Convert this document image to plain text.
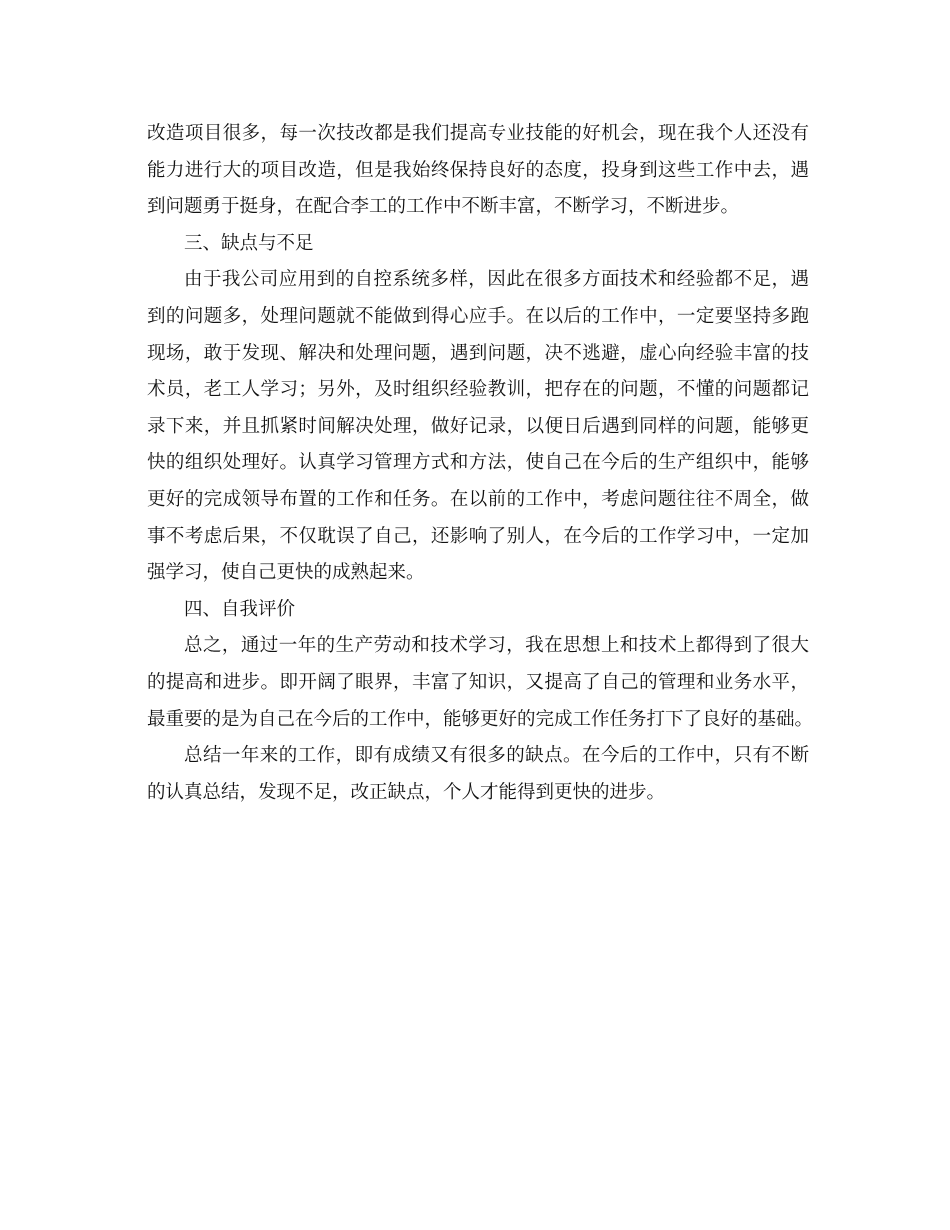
改造项目很多，每一次技改都是我们提高专业技能的好机会，现在我个人还没有
能力进行大的项目改造，但是我始终保持良好的态度，投身到这些工作中去，遇
到问题勇于挺身，在配合李工的工作中不断丰富，不断学习，不断进步。
三、缺点与不足
由于我公司应用到的自控系统多样，因此在很多方面技术和经验都不足，遇
到的问题多，处理问题就不能做到得心应手。在以后的工作中，一定要坚持多跑
现场，敢于发现、解决和处理问题，遇到问题，决不逃避，虚心向经验丰富的技
术员，老工人学习；另外，及时组织经验教训，把存在的问题，不懂的问题都记
录下来，并且抓紧时间解决处理，做好记录，以便日后遇到同样的问题，能够更
快的组织处理好。认真学习管理方式和方法，使自己在今后的生产组织中，能够
更好的完成领导布置的工作和任务。在以前的工作中，考虑问题往往不周全，做
事不考虑后果，不仅耽误了自己，还影响了别人，在今后的工作学习中，一定加
强学习，使自己更快的成熟起来。
四、自我评价
总之，通过一年的生产劳动和技术学习，我在思想上和技术上都得到了很大
的提高和进步。即开阔了眼界，丰富了知识，又提高了自己的管理和业务水平，
最重要的是为自己在今后的工作中，能够更好的完成工作任务打下了良好的基础。
总结一年来的工作，即有成绩又有很多的缺点。在今后的工作中，只有不断
的认真总结，发现不足，改正缺点，个人才能得到更快的进步。
